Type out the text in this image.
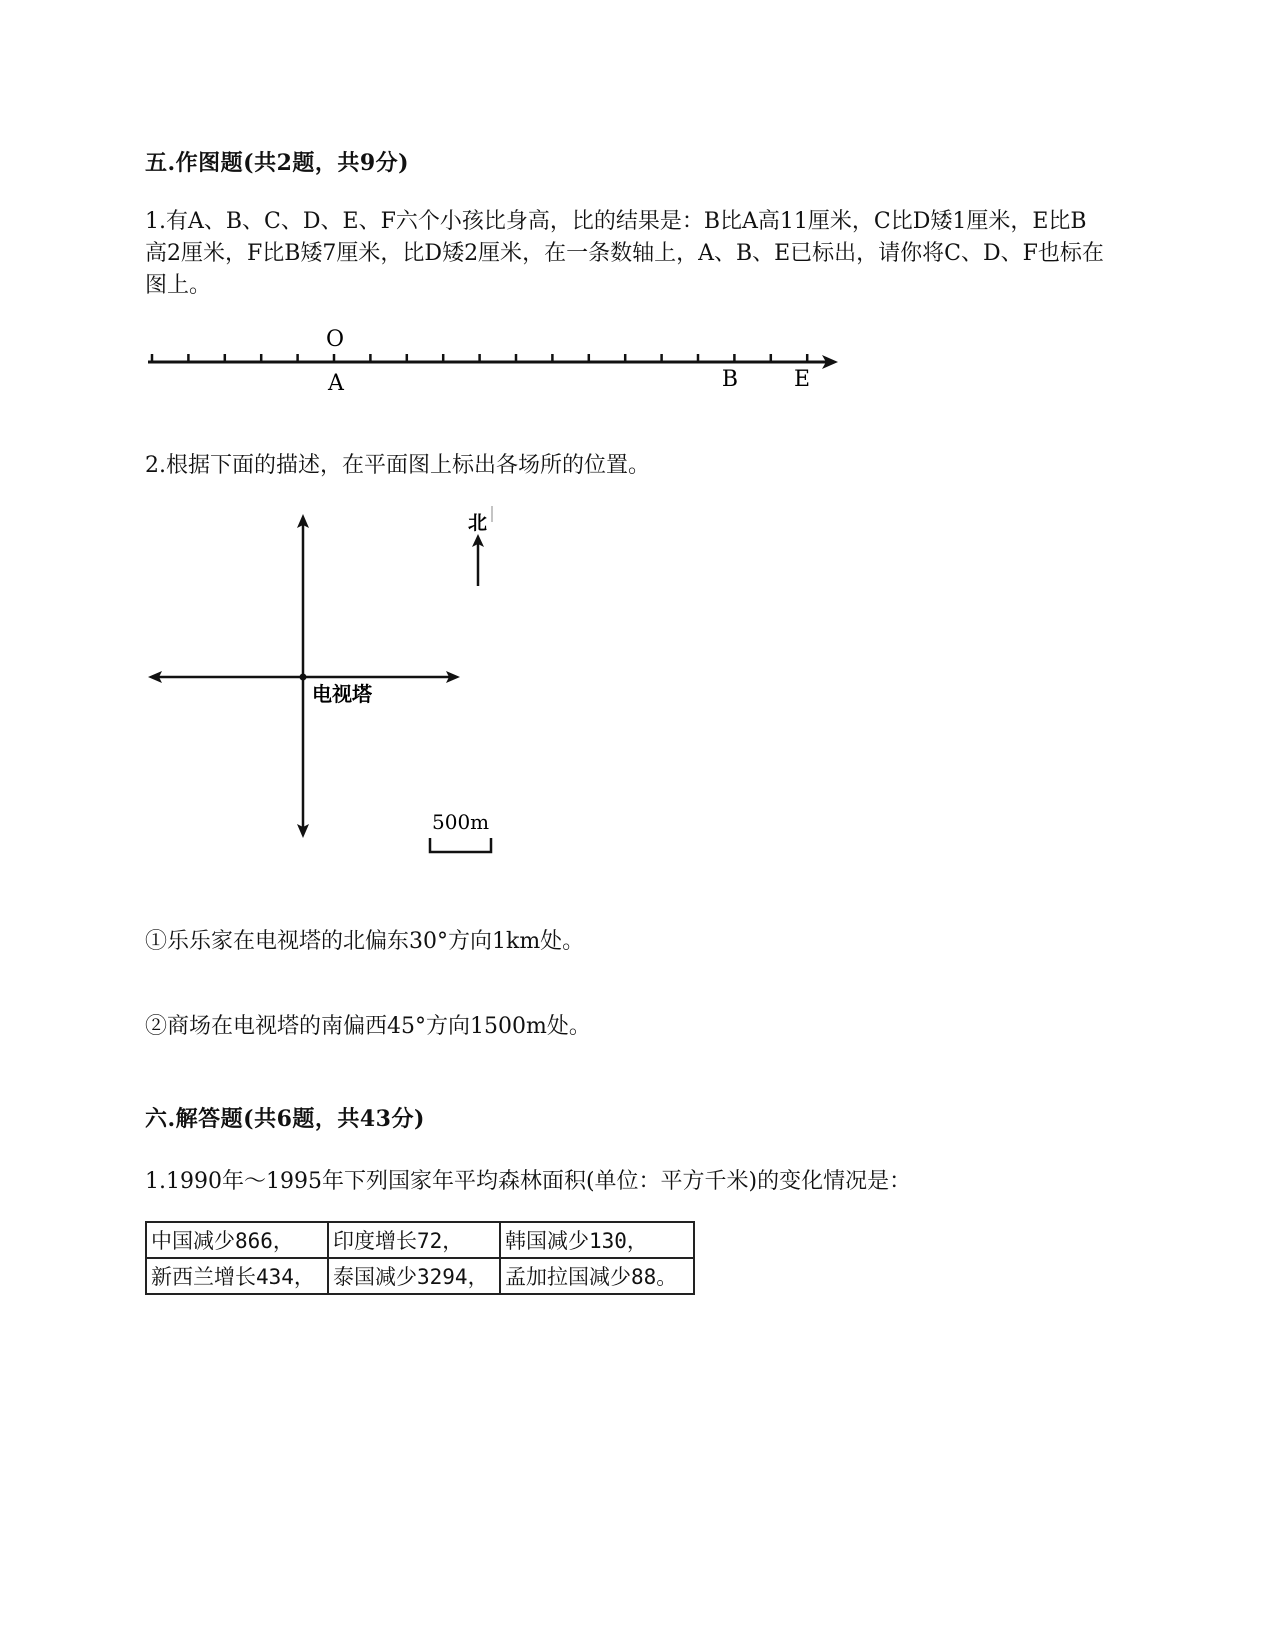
五.作图题(共2题，共9分)
1.有A、B、C、D、E、F六个小孩比身高，比的结果是：B比A高11厘米，C比D矮1厘米，E比B高2厘米，F比B矮7厘米，比D矮2厘米，在一条数轴上，A、B、E已标出，请你将C、D、F也标在图上。
O
A	B	E
2.根据下面的描述，在平面图上标出各场所的位置。
电视塔
北
500m
①乐乐家在电视塔的北偏东30°方向1km处。
②商场在电视塔的南偏西45°方向1500m处。
六.解答题(共6题，共43分)
1.1990年～1995年下列国家年平均森林面积(单位：平方千米)的变化情况是：
中国减少866，	印度增长72，	韩国减少130，
新西兰增长434，	泰国减少3294，	孟加拉国减少88。
